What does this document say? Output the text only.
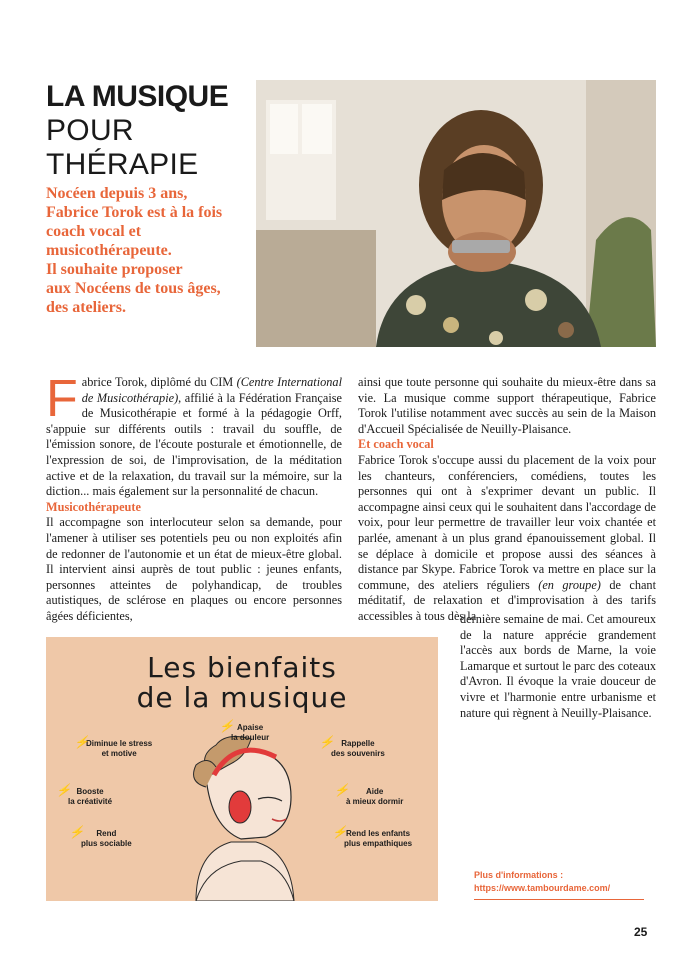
LA MUSIQUE
POUR
THÉRAPIE
Nocéen depuis 3 ans,
Fabrice Torok est à la fois
coach vocal et
musicothérapeute.
Il souhaite proposer
aux Nocéens de tous âges,
des ateliers.

Fabrice Torok, diplômé du CIM (Centre International de Musicothérapie), affilié à la Fédération Française de Musicothérapie et formé à la pédagogie Orff, s'appuie sur différents outils : travail du souffle, de l'émission sonore, de l'écoute posturale et émotionnelle, de l'expression de soi, de l'improvisation, de la méditation active et de la relaxation, du travail sur la mémoire, sur la diction... mais également sur la personnalité de chacun.

Musicothérapeute

Il accompagne son interlocuteur selon sa demande, pour l'amener à utiliser ses potentiels peu ou non exploités afin de redonner de l'autonomie et un état de mieux-être global. Il intervient ainsi auprès de tout public : jeunes enfants, personnes atteintes de polyhandicap, de troubles autistiques, de sclérose en plaques ou encore personnes âgées déficientes,

ainsi que toute personne qui souhaite du mieux-être dans sa vie. La musique comme support thérapeutique, Fabrice Torok l'utilise notamment avec succès au sein de la Maison d'Accueil Spécialisée de Neuilly-Plaisance.

Et coach vocal

Fabrice Torok s'occupe aussi du placement de la voix pour les chanteurs, conférenciers, comédiens, toutes les personnes qui ont à s'exprimer devant un public. Il accompagne ainsi ceux qui le souhaitent dans l'accordage de voix, pour leur permettre de travailler leur voix chantée et parlée, amenant à un plus grand épanouissement global. Il se déplace à domicile et propose aussi des séances à distance par Skype. Fabrice Torok va mettre en place sur la commune, des ateliers réguliers (en groupe) de chant méditatif, de relaxation et d'improvisation à des tarifs accessibles à tous dès la

dernière semaine de mai. Cet amoureux de la nature apprécie grandement l'accès aux bords de Marne, la voie Lamarque et surtout le parc des coteaux d'Avron. Il évoque la vraie douceur de vivre et l'harmonie entre urbanisme et nature qui règnent à Neuilly-Plaisance.
Les bienfaits
de la musique
⚡ Apaise
la douleur
⚡
Diminue le stress
et motive
⚡ Rappelle
des souvenirs
⚡ Booste
la créativité
⚡	Aide
à mieux dormir
⚡	Rend
plus sociable
⚡ Rend les enfants
plus empathiques
Plus d'informations :
https://www.tambourdame.com/
25
